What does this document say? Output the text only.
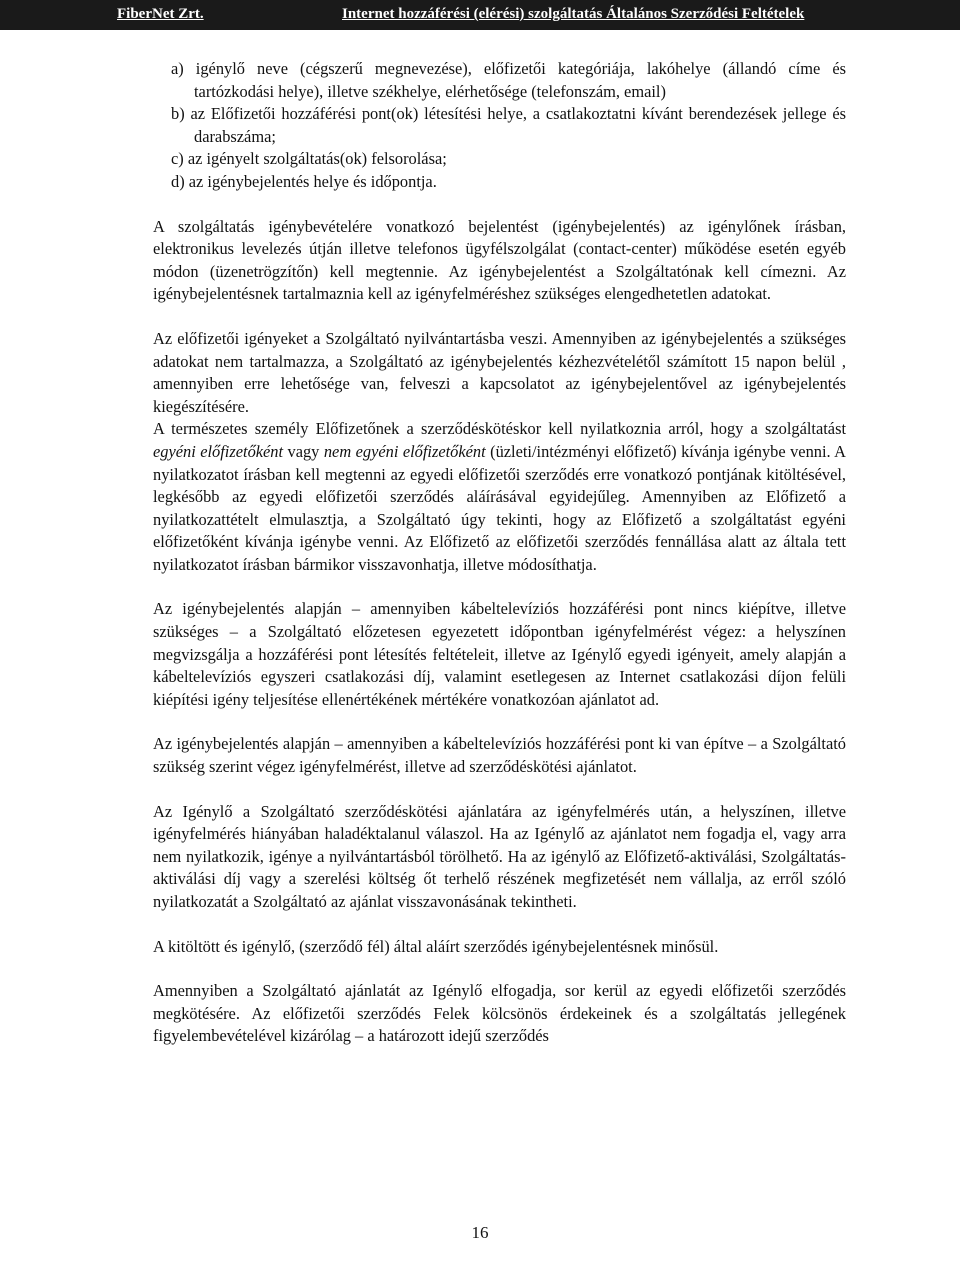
FiberNet Zrt.	Internet hozzáférési (elérési) szolgáltatás Általános Szerződési Feltételek

a) igénylő neve (cégszerű megnevezése), előfizetői kategóriája, lakóhelye (állandó címe és tartózkodási helye), illetve székhelye, elérhetősége (telefonszám, email)

b) az Előfizetői hozzáférési pont(ok) létesítési helye, a csatlakoztatni kívánt berendezések jellege és darabszáma;

c) az igényelt szolgáltatás(ok) felsorolása;

d) az igénybejelentés helye és időpontja.

A szolgáltatás igénybevételére vonatkozó bejelentést (igénybejelentés) az igénylőnek írásban, elektronikus levelezés útján illetve telefonos ügyfélszolgálat (contact-center) működése esetén egyéb módon (üzenetrögzítőn) kell megtennie. Az igénybejelentést a Szolgáltatónak kell címezni. Az igénybejelentésnek tartalmaznia kell az igényfelméréshez szükséges elengedhetetlen adatokat.

Az előfizetői igényeket a Szolgáltató nyilvántartásba veszi. Amennyiben az igénybejelentés a szükséges adatokat nem tartalmazza, a Szolgáltató az igénybejelentés kézhezvételétől számított 15 napon belül , amennyiben erre lehetősége van, felveszi a kapcsolatot az igénybejelentővel az igénybejelentés kiegészítésére.

A természetes személy Előfizetőnek a szerződéskötéskor kell nyilatkoznia arról, hogy a szolgáltatást egyéni előfizetőként vagy nem egyéni előfizetőként (üzleti/intézményi előfizető) kívánja igénybe venni. A nyilatkozatot írásban kell megtenni az egyedi előfizetői szerződés erre vonatkozó pontjának kitöltésével, legkésőbb az egyedi előfizetői szerződés aláírásával egyidejűleg. Amennyiben az Előfizető a nyilatkozattételt elmulasztja, a Szolgáltató úgy tekinti, hogy az Előfizető a szolgáltatást egyéni előfizetőként kívánja igénybe venni. Az Előfizető az előfizetői szerződés fennállása alatt az általa tett nyilatkozatot írásban bármikor visszavonhatja, illetve módosíthatja.

Az igénybejelentés alapján – amennyiben kábeltelevíziós hozzáférési pont nincs kiépítve, illetve szükséges – a Szolgáltató előzetesen egyezetett időpontban igényfelmérést végez: a helyszínen megvizsgálja a hozzáférési pont létesítés feltételeit, illetve az Igénylő egyedi igényeit, amely alapján a kábeltelevíziós egyszeri csatlakozási díj, valamint esetlegesen az Internet csatlakozási díjon felüli kiépítési igény teljesítése ellenértékének mértékére vonatkozóan ajánlatot ad.

Az igénybejelentés alapján – amennyiben a kábeltelevíziós hozzáférési pont ki van építve – a Szolgáltató szükség szerint végez igényfelmérést, illetve ad szerződéskötési ajánlatot.

Az Igénylő a Szolgáltató szerződéskötési ajánlatára az igényfelmérés után, a helyszínen, illetve igényfelmérés hiányában haladéktalanul válaszol. Ha az Igénylő az ajánlatot nem fogadja el, vagy arra nem nyilatkozik, igénye a nyilvántartásból törölhető. Ha az igénylő az Előfizető-aktiválási, Szolgáltatás-aktiválási díj vagy a szerelési költség őt terhelő részének megfizetését nem vállalja, az erről szóló nyilatkozatát a Szolgáltató az ajánlat visszavonásának tekintheti.

A kitöltött és igénylő, (szerződő fél) által aláírt szerződés igénybejelentésnek minősül.

Amennyiben a Szolgáltató ajánlatát az Igénylő elfogadja, sor kerül az egyedi előfizetői szerződés megkötésére. Az előfizetői szerződés Felek kölcsönös érdekeinek és a szolgáltatás jellegének figyelembevételével kizárólag – a határozott idejű szerződés

16
